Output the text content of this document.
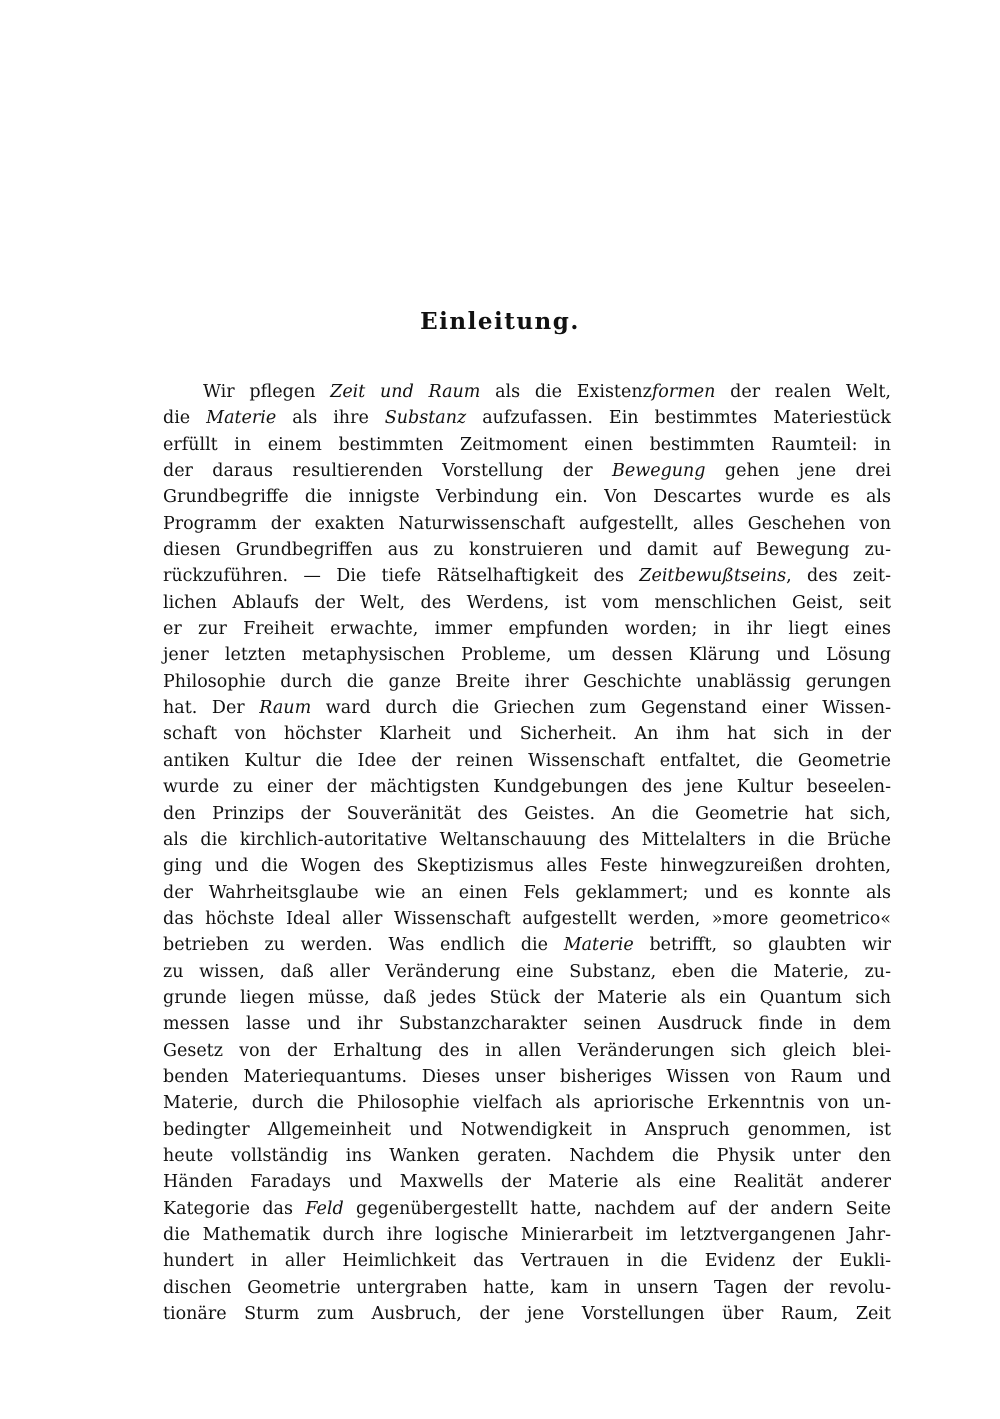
Einleitung.
Wir pflegen Zeit und Raum als die Existenzformen der realen Welt,
die Materie als ihre Substanz aufzufassen. Ein bestimmtes Materiestück
erfüllt in einem bestimmten Zeitmoment einen bestimmten Raumteil: in
der daraus resultierenden Vorstellung der Bewegung gehen jene drei
Grundbegriffe die innigste Verbindung ein. Von Descartes wurde es als
Programm der exakten Naturwissenschaft aufgestellt, alles Geschehen von
diesen Grundbegriffen aus zu konstruieren und damit auf Bewegung zu-
rückzuführen. — Die tiefe Rätselhaftigkeit des Zeitbewußtseins, des zeit-
lichen Ablaufs der Welt, des Werdens, ist vom menschlichen Geist, seit
er zur Freiheit erwachte, immer empfunden worden; in ihr liegt eines
jener letzten metaphysischen Probleme, um dessen Klärung und Lösung
Philosophie durch die ganze Breite ihrer Geschichte unablässig gerungen
hat. Der Raum ward durch die Griechen zum Gegenstand einer Wissen-
schaft von höchster Klarheit und Sicherheit. An ihm hat sich in der
antiken Kultur die Idee der reinen Wissenschaft entfaltet, die Geometrie
wurde zu einer der mächtigsten Kundgebungen des jene Kultur beseelen-
den Prinzips der Souveränität des Geistes. An die Geometrie hat sich,
als die kirchlich-autoritative Weltanschauung des Mittelalters in die Brüche
ging und die Wogen des Skeptizismus alles Feste hinwegzureißen drohten,
der Wahrheitsglaube wie an einen Fels geklammert; und es konnte als
das höchste Ideal aller Wissenschaft aufgestellt werden, »more geometrico«
betrieben zu werden. Was endlich die Materie betrifft, so glaubten wir
zu wissen, daß aller Veränderung eine Substanz, eben die Materie, zu-
grunde liegen müsse, daß jedes Stück der Materie als ein Quantum sich
messen lasse und ihr Substanzcharakter seinen Ausdruck finde in dem
Gesetz von der Erhaltung des in allen Veränderungen sich gleich blei-
benden Materiequantums. Dieses unser bisheriges Wissen von Raum und
Materie, durch die Philosophie vielfach als apriorische Erkenntnis von un-
bedingter Allgemeinheit und Notwendigkeit in Anspruch genommen, ist
heute vollständig ins Wanken geraten. Nachdem die Physik unter den
Händen Faradays und Maxwells der Materie als eine Realität anderer
Kategorie das Feld gegenübergestellt hatte, nachdem auf der andern Seite
die Mathematik durch ihre logische Minierarbeit im letztvergangenen Jahr-
hundert in aller Heimlichkeit das Vertrauen in die Evidenz der Eukli-
dischen Geometrie untergraben hatte, kam in unsern Tagen der revolu-
tionäre Sturm zum Ausbruch, der jene Vorstellungen über Raum, Zeit
